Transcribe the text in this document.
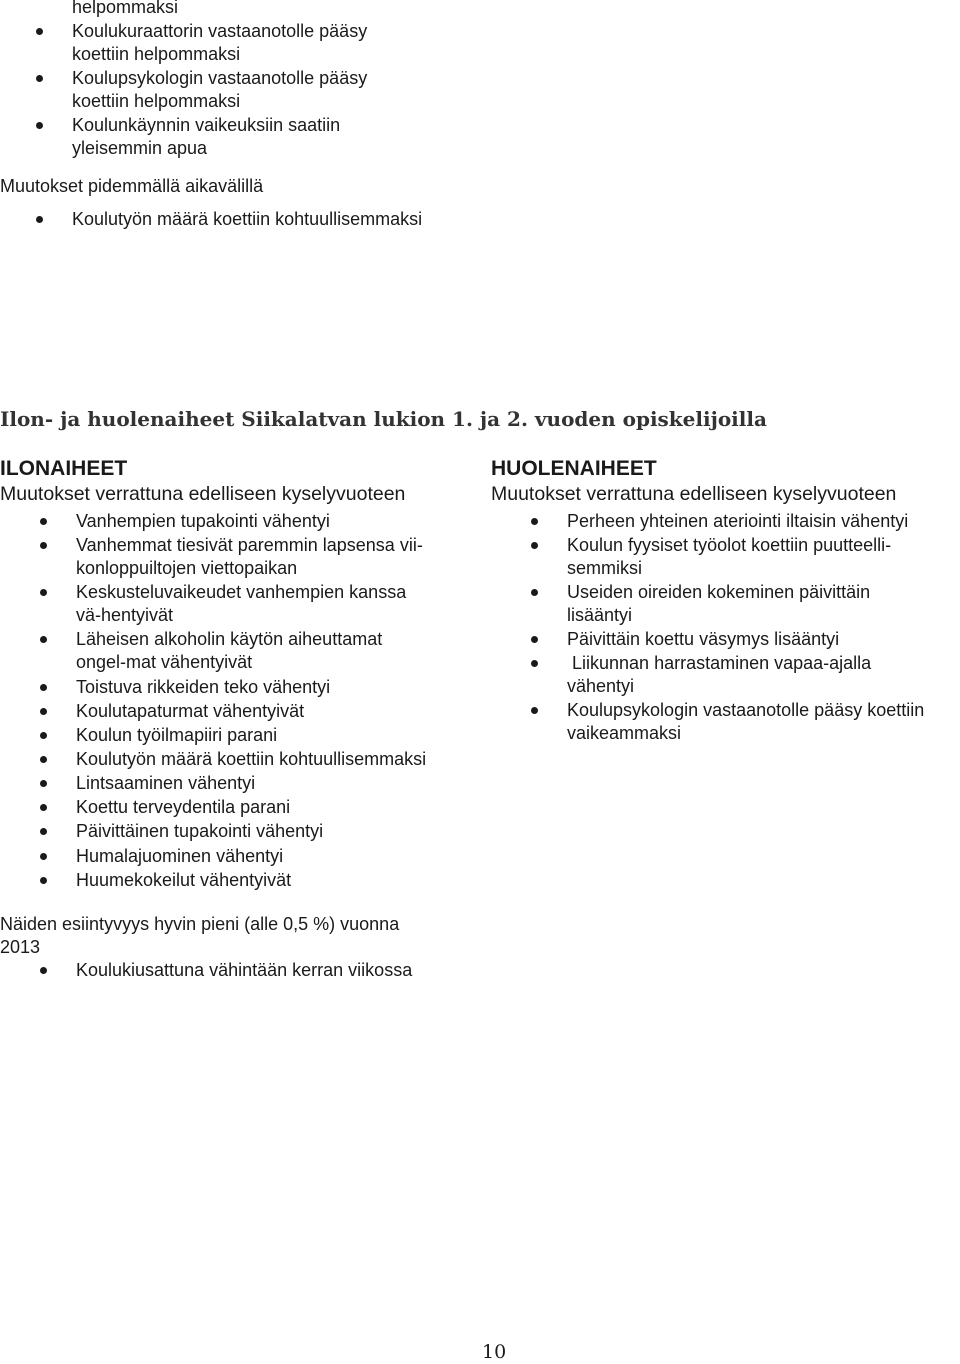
helpommaksi
Koulukuraattorin vastaanotolle pääsy
koettiin helpommaksi
Koulupsykologin vastaanotolle pääsy
koettiin helpommaksi
Koulunkäynnin vaikeuksiin saatiin
yleisemmin apua
Muutokset pidemmällä aikavälillä
Koulutyön määrä koettiin kohtuullisemmaksi
Ilon- ja huolenaiheet Siikalatvan lukion 1. ja 2. vuoden opiskelijoilla
ILONAIHEET
Muutokset verrattuna edelliseen kyselyvuoteen
Vanhempien tupakointi vähentyi
Vanhemmat tiesivät paremmin lapsensa vii-
konloppuiltojen viettopaikan
Keskusteluvaikeudet vanhempien kanssa
vä-hentyivät
Läheisen alkoholin käytön aiheuttamat
ongel-mat vähentyivät
Toistuva rikkeiden teko vähentyi
Koulutapaturmat vähentyivät
Koulun työilmapiiri parani
Koulutyön määrä koettiin kohtuullisemmaksi
Lintsaaminen vähentyi
Koettu terveydentila parani
Päivittäinen tupakointi vähentyi
Humalajuominen vähentyi
Huumekokeilut vähentyivät
HUOLENAIHEET
Muutokset verrattuna edelliseen kyselyvuoteen
Perheen yhteinen ateriointi iltaisin vähentyi
Koulun fyysiset työolot koettiin puutteelli-
semmiksi
Useiden oireiden kokeminen päivittäin
lisääntyi
Päivittäin koettu väsymys lisääntyi
Liikunnan harrastaminen vapaa-ajalla
vähentyi
Koulupsykologin vastaanotolle pääsy koettiin
vaikeammaksi
Näiden esiintyvyys hyvin pieni (alle 0,5 %) vuonna
2013
Koulukiusattuna vähintään kerran viikossa
10
